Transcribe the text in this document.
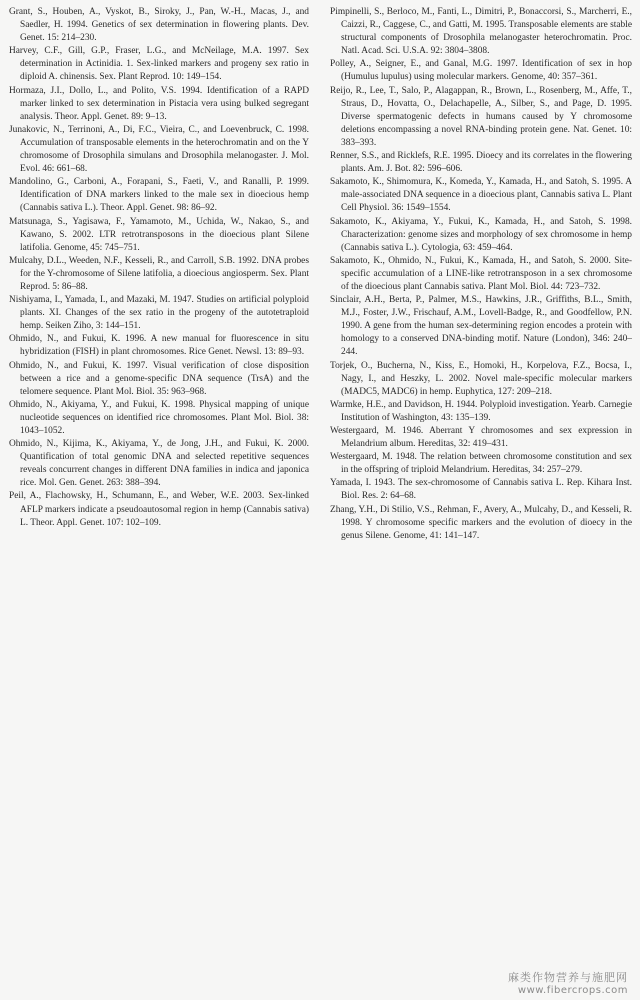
Grant, S., Houben, A., Vyskot, B., Siroky, J., Pan, W.-H., Macas, J., and Saedler, H. 1994. Genetics of sex determination in flowering plants. Dev. Genet. 15: 214–230.

Harvey, C.F., Gill, G.P., Fraser, L.G., and McNeilage, M.A. 1997. Sex determination in Actinidia. 1. Sex-linked markers and progeny sex ratio in diploid A. chinensis. Sex. Plant Reprod. 10: 149–154.

Hormaza, J.I., Dollo, L., and Polito, V.S. 1994. Identification of a RAPD marker linked to sex determination in Pistacia vera using bulked segregant analysis. Theor. Appl. Genet. 89: 9–13.

Junakovic, N., Terrinoni, A., Di, F.C., Vieira, C., and Loevenbruck, C. 1998. Accumulation of transposable elements in the heterochromatin and on the Y chromosome of Drosophila simulans and Drosophila melanogaster. J. Mol. Evol. 46: 661–68.

Mandolino, G., Carboni, A., Forapani, S., Faeti, V., and Ranalli, P. 1999. Identification of DNA markers linked to the male sex in dioecious hemp (Cannabis sativa L.). Theor. Appl. Genet. 98: 86–92.

Matsunaga, S., Yagisawa, F., Yamamoto, M., Uchida, W., Nakao, S., and Kawano, S. 2002. LTR retrotransposons in the dioecious plant Silene latifolia. Genome, 45: 745–751.

Mulcahy, D.L., Weeden, N.F., Kesseli, R., and Carroll, S.B. 1992. DNA probes for the Y-chromosome of Silene latifolia, a dioecious angiosperm. Sex. Plant Reprod. 5: 86–88.

Nishiyama, I., Yamada, I., and Mazaki, M. 1947. Studies on artificial polyploid plants. XI. Changes of the sex ratio in the progeny of the autotetraploid hemp. Seiken Ziho, 3: 144–151.

Ohmido, N., and Fukui, K. 1996. A new manual for fluorescence in situ hybridization (FISH) in plant chromosomes. Rice Genet. Newsl. 13: 89–93.

Ohmido, N., and Fukui, K. 1997. Visual verification of close disposition between a rice and a genome-specific DNA sequence (TrsA) and the telomere sequence. Plant Mol. Biol. 35: 963–968.

Ohmido, N., Akiyama, Y., and Fukui, K. 1998. Physical mapping of unique nucleotide sequences on identified rice chromosomes. Plant Mol. Biol. 38: 1043–1052.

Ohmido, N., Kijima, K., Akiyama, Y., de Jong, J.H., and Fukui, K. 2000. Quantification of total genomic DNA and selected repetitive sequences reveals concurrent changes in different DNA families in indica and japonica rice. Mol. Gen. Genet. 263: 388–394.

Peil, A., Flachowsky, H., Schumann, E., and Weber, W.E. 2003. Sex-linked AFLP markers indicate a pseudoautosomal region in hemp (Cannabis sativa) L. Theor. Appl. Genet. 107: 102–109.

Pimpinelli, S., Berloco, M., Fanti, L., Dimitri, P., Bonaccorsi, S., Marcherri, E., Caizzi, R., Caggese, C., and Gatti, M. 1995. Transposable elements are stable structural components of Drosophila melanogaster heterochromatin. Proc. Natl. Acad. Sci. U.S.A. 92: 3804–3808.

Polley, A., Seigner, E., and Ganal, M.G. 1997. Identification of sex in hop (Humulus lupulus) using molecular markers. Genome, 40: 357–361.

Reijo, R., Lee, T., Salo, P., Alagappan, R., Brown, L., Rosenberg, M., Affe, T., Straus, D., Hovatta, O., Delachapelle, A., Silber, S., and Page, D. 1995. Diverse spermatogenic defects in humans caused by Y chromosome deletions encompassing a novel RNA-binding protein gene. Nat. Genet. 10: 383–393.

Renner, S.S., and Ricklefs, R.E. 1995. Dioecy and its correlates in the flowering plants. Am. J. Bot. 82: 596–606.

Sakamoto, K., Shimomura, K., Komeda, Y., Kamada, H., and Satoh, S. 1995. A male-associated DNA sequence in a dioecious plant, Cannabis sativa L. Plant Cell Physiol. 36: 1549–1554.

Sakamoto, K., Akiyama, Y., Fukui, K., Kamada, H., and Satoh, S. 1998. Characterization: genome sizes and morphology of sex chromosome in hemp (Cannabis sativa L.). Cytologia, 63: 459–464.

Sakamoto, K., Ohmido, N., Fukui, K., Kamada, H., and Satoh, S. 2000. Site-specific accumulation of a LINE-like retrotransposon in a sex chromosome of the dioecious plant Cannabis sativa. Plant Mol. Biol. 44: 723–732.

Sinclair, A.H., Berta, P., Palmer, M.S., Hawkins, J.R., Griffiths, B.L., Smith, M.J., Foster, J.W., Frischauf, A.M., Lovell-Badge, R., and Goodfellow, P.N. 1990. A gene from the human sex-determining region encodes a protein with homology to a conserved DNA-binding motif. Nature (London), 346: 240–244.

Torjek, O., Bucherna, N., Kiss, E., Homoki, H., Korpelova, F.Z., Bocsa, I., Nagy, I., and Heszky, L. 2002. Novel male-specific molecular markers (MADC5, MADC6) in hemp. Euphytica, 127: 209–218.

Warmke, H.E., and Davidson, H. 1944. Polyploid investigation. Yearb. Carnegie Institution of Washington, 43: 135–139.

Westergaard, M. 1946. Aberrant Y chromosomes and sex expression in Melandrium album. Hereditas, 32: 419–431.

Westergaard, M. 1948. The relation between chromosome constitution and sex in the offspring of triploid Melandrium. Hereditas, 34: 257–279.

Yamada, I. 1943. The sex-chromosome of Cannabis sativa L. Rep. Kihara Inst. Biol. Res. 2: 64–68.

Zhang, Y.H., Di Stilio, V.S., Rehman, F., Avery, A., Mulcahy, D., and Kesseli, R. 1998. Y chromosome specific markers and the evolution of dioecy in the genus Silene. Genome, 41: 141–147.

麻类作物营养与施肥网
www.fibercrops.com
